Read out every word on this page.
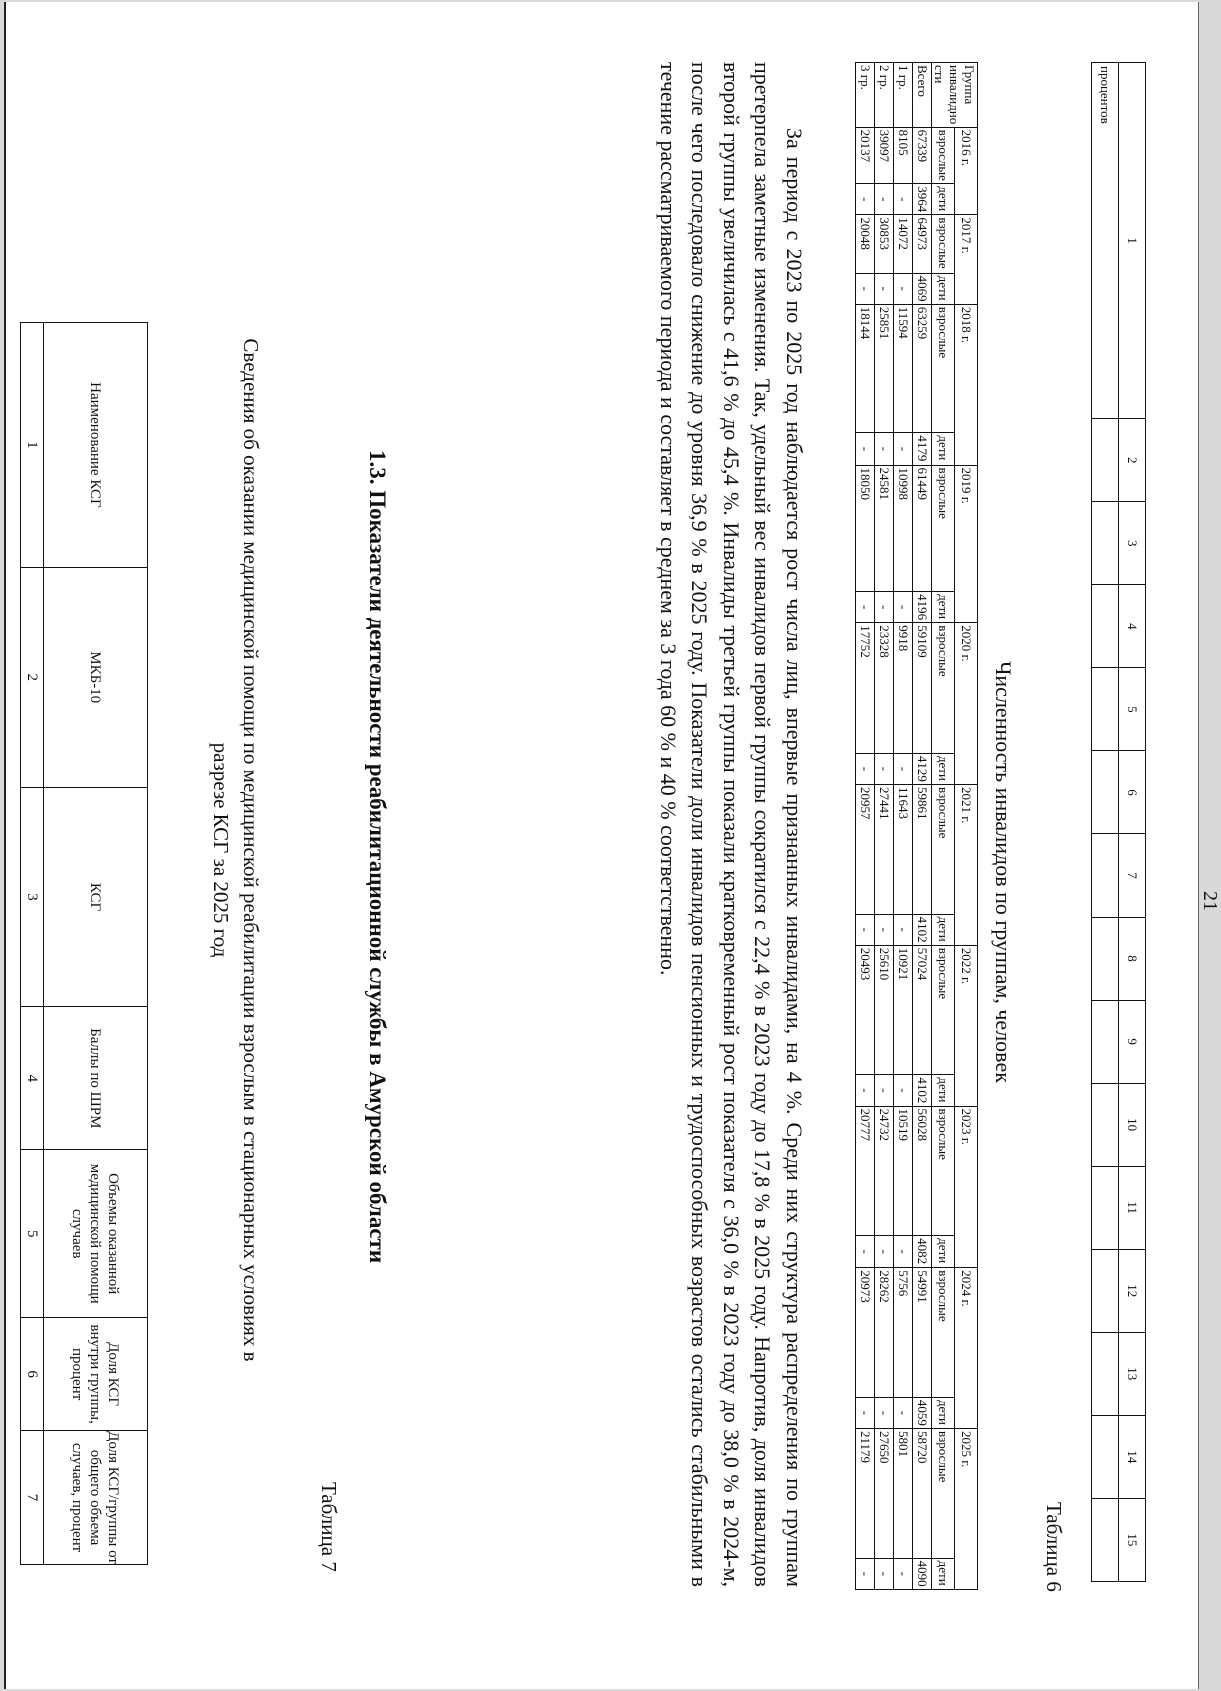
1	2	3	4	5	6	7	8	9	10	11	12	13	14	15
процентов														
21
Таблица 6
Численность инвалидов по группам, человек
Группа инвалидно сти	2016 г.		2017 г.		2018 г.		2019 г.		2020 г.		2021 г.		2022 г.		2023 г.		2024 г.		2025 г.	
	взрослые	дети	взрослые	дети	взрослые	дети	взрослые	дети	взрослые	дети	взрослые	дети	взрослые	дети	взрослые	дети	взрослые	дети	взрослые	дети
Всего	67339	3964	64973	4069	63259	4179	61449	4196	59109	4129	59861	4102	57024	4102	56028	4082	54991	4059	58720	4090
1 гр.	8105	-	14072	-	11594	-	10998	-	9918	-	11643	-	10921	-	10519	-	5756	-	5801	-
2 гр.	39097	-	30853	-	25851	-	24581	-	23328	-	27441	-	25610	-	24732	-	28262	-	27650	-
3 гр.	20137	-	20048	-	18144	-	18050	-	17752	-	20957	-	20493	-	20777	-	20973	-	21179	-

За период с 2023 по 2025 год наблюдается рост числа лиц, впервые признанных инвалидами, на 4 %. Среди них структура распределения по группам претерпела заметные изменения. Так, удельный вес инвалидов первой группы сократился с 22,4 % в 2023 году до 17,8 % в 2025 году. Напротив, доля инвалидов второй группы увеличилась с 41,6 % до 45,4 %. Инвалиды третьей группы показали кратковременный рост показателя с 36,0 % в 2023 году до 38,0 % в 2024-м, после чего последовало снижение до уровня 36,9 % в 2025 году. Показатели доли инвалидов пенсионных и трудоспособных возрастов остались стабильными в течение рассматриваемого периода и составляет в среднем за 3 года 60 % и 40 % соответственно.

1.3. Показатели деятельности реабилитационной службы в Амурской области
Таблица 7
Сведения об оказании медицинской помощи по медицинской реабилитации взрослым в стационарных условиях в
разрезе КСГ за 2025 год
Наименование КСГ	МКБ-10	КСГ	Баллы по ШРМ	Объемы оказанной медицинской помощи случаев	Доля КСГ внутри группы, процент	Доля КСГ/группы от общего объема случаев, процент
1	2	3	4	5	6	7
